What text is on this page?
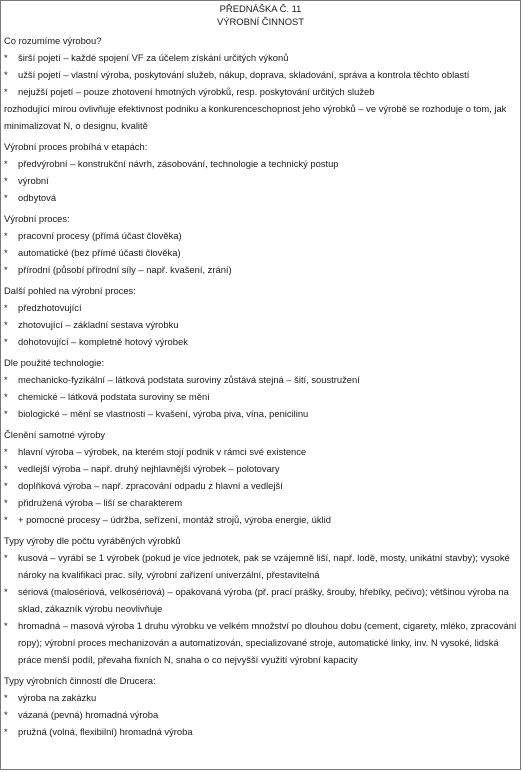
PŘEDNÁŠKA Č. 11
VÝROBNÍ ČINNOST
Co rozumíme výrobou?
* širší pojetí – každé spojení VF za účelem získání určitých výkonů
* užší pojetí – vlastní výroba, poskytování služeb, nákup, doprava, skladování, správa a kontrola těchto oblastí
* nejužší pojetí – pouze zhotovení hmotných výrobků, resp. poskytování určitých služeb
rozhodující mírou ovlivňuje efektivnost podniku a konkurenceschopnost jeho výrobků – ve výrobě se rozhoduje o tom, jak minimalizovat N, o designu, kvalitě
Výrobní proces probíhá v etapách:
* předvýrobní – konstrukční návrh, zásobování, technologie a technický postup
* výrobní
* odbytová
Výrobní proces:
* pracovní procesy (přímá účast člověka)
* automatické (bez přímé účasti člověka)
* přírodní (působí přírodní síly – např. kvašení, zrání)
Další pohled na výrobní proces:
* předzhotovující
* zhotovující – základní sestava výrobku
* dohotovující – kompletně hotový výrobek
Dle použité technologie:
* mechanicko-fyzikální – látková podstata suroviny zůstává stejná – šití, soustružení
* chemické – látková podstata suroviny se mění
* biologické – mění se vlastnosti – kvašení, výroba piva, vína, penicilinu
Členění samotné výroby
* hlavní výroba – výrobek, na kterém stojí podnik v rámci své existence
* vedlejší výroba – např. druhý nejhlavnější výrobek – polotovary
* doplňková výroba – např. zpracování odpadu z hlavní a vedlejší
* přidružená výroba – liší se charakterem
* + pomocné procesy – údržba, seřízení, montáž strojů, výroba energie, úklid
Typy výroby dle počtu vyráběných výrobků
* kusová – vyrábí se 1 výrobek (pokud je více jednotek, pak se vzájemně liší, např. lodě, mosty, unikátní stavby); vysoké nároky na kvalifikaci prac. síly, výrobní zařízení univerzální, přestavitelná
* sériová (malosériová, velkosériová) – opakovaná výroba (př. prací prášky, šrouby, hřebíky, pečivo); většinou výroba na sklad, zákazník výrobu neovlivňuje
* hromadná – masová výroba 1 druhu výrobku ve velkém množství po dlouhou dobu (cement, cigarety, mléko, zpracování ropy); výrobní proces mechanizován a automatizován, specializované stroje, automatické linky, inv. N vysoké, lidská práce menší podíl, převaha fixních N, snaha o co nejvyšší využití výrobní kapacity
Typy výrobních činností dle Drucera:
* výroba na zakázku
* vázaná (pevná) hromadná výroba
* pružná (volná, flexibilní) hromadná výroba
